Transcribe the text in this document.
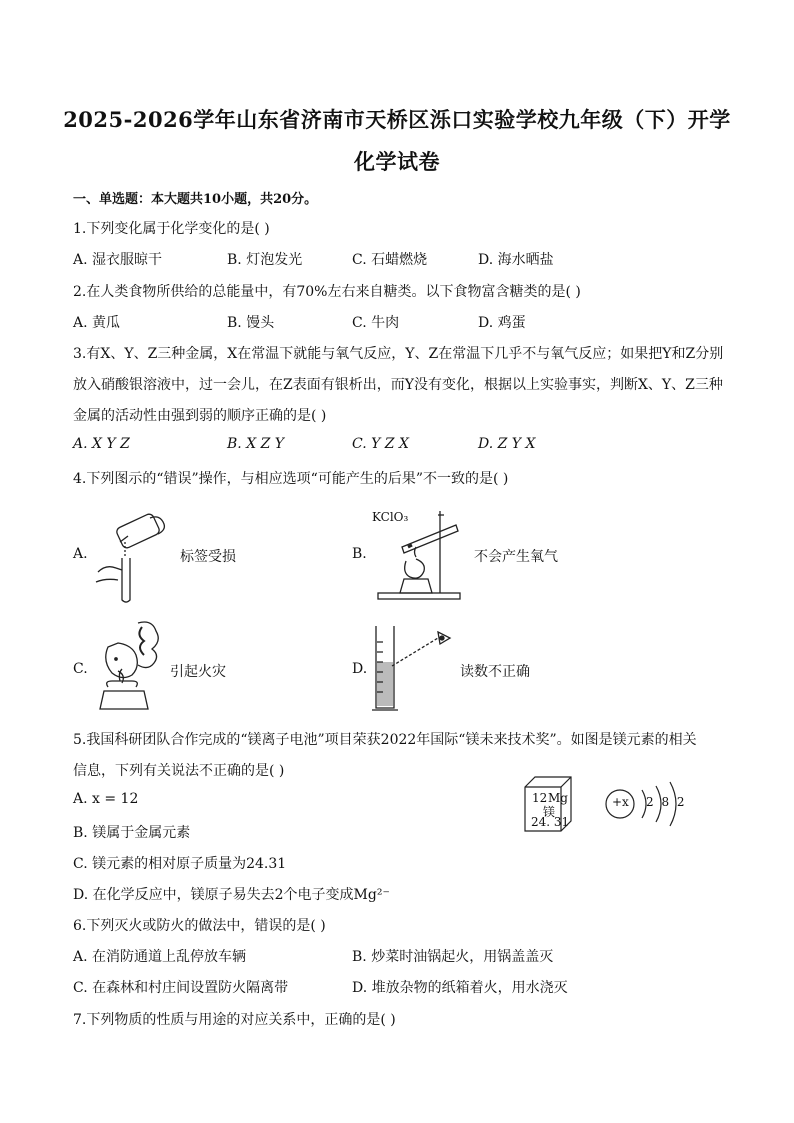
2025-2026学年山东省济南市天桥区泺口实验学校九年级（下）开学
化学试卷
一、单选题：本大题共10小题，共20分。
1.下列变化属于化学变化的是( )
A. 湿衣服晾干	B. 灯泡发光	C. 石蜡燃烧	D. 海水晒盐
2.在人类食物所供给的总能量中，有70%左右来自糖类。以下食物富含糖类的是( )
A. 黄瓜	B. 馒头	C. 牛肉	D. 鸡蛋
3.有X、Y、Z三种金属，X在常温下就能与氧气反应，Y、Z在常温下几乎不与氧气反应；如果把Y和Z分别
放入硝酸银溶液中，过一会儿，在Z表面有银析出，而Y没有变化，根据以上实验事实，判断X、Y、Z三种
金属的活动性由强到弱的顺序正确的是( )
A. X Y Z	B. X Z Y	C. Y Z X	D. Z Y X
4.下列图示的“错误”操作，与相应选项“可能产生的后果”不一致的是( )
A.	标签受损	B.
KClO₃
不会产生氧气
C.	引起火灾	D.	读数不正确
5.我国科研团队合作完成的“镁离子电池”项目荣获2022年国际“镁未来技术奖”。如图是镁元素的相关
信息，下列有关说法不正确的是( )
A. x = 12
B. 镁属于金属元素
C. 镁元素的相对原子质量为24.31
D. 在化学反应中，镁原子易失去2个电子变成Mg²⁻
12 Mg
镁
24. 31
+x 2 8 2
6.下列灭火或防火的做法中，错误的是( )
A. 在消防通道上乱停放车辆	B. 炒菜时油锅起火，用锅盖盖灭
C. 在森林和村庄间设置防火隔离带	D. 堆放杂物的纸箱着火，用水浇灭
7.下列物质的性质与用途的对应关系中，正确的是( )
